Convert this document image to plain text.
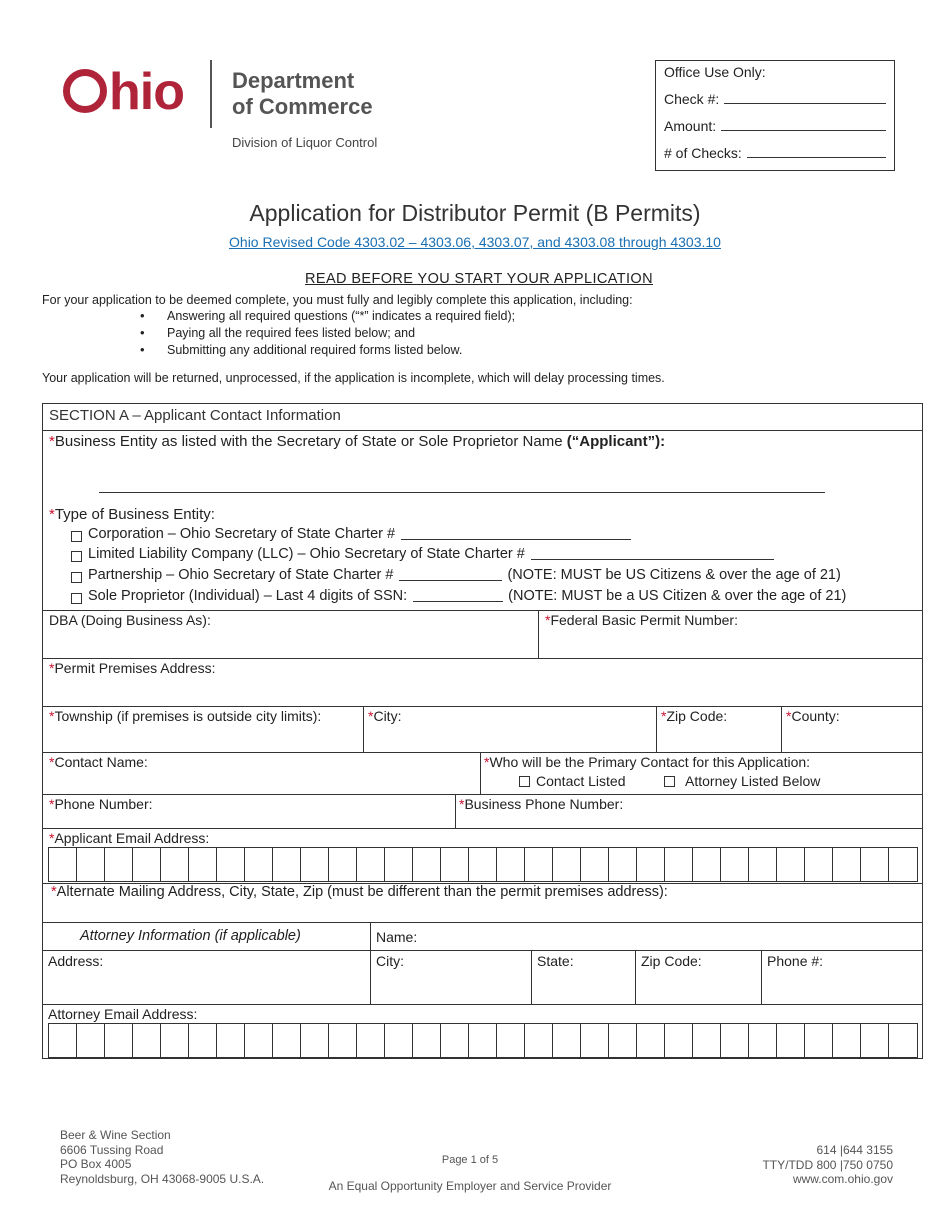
hio Department
of Commerce
Division of Liquor Control
Office Use Only:
Check #:
Amount:
# of Checks:
Application for Distributor Permit (B Permits)
Ohio Revised Code 4303.02 – 4303.06, 4303.07, and 4303.08 through 4303.10
READ BEFORE YOU START YOUR APPLICATION
For your application to be deemed complete, you must fully and legibly complete this application, including:
• Answering all required questions (“*” indicates a required field);
• Paying all the required fees listed below; and
• Submitting any additional required forms listed below.
Your application will be returned, unprocessed, if the application is incomplete, which will delay processing times.
SECTION A – Applicant Contact Information
*Business Entity as listed with the Secretary of State or Sole Proprietor Name (“Applicant”):
*Type of Business Entity:
Corporation – Ohio Secretary of State Charter #
Limited Liability Company (LLC) – Ohio Secretary of State Charter #
Partnership – Ohio Secretary of State Charter #	(NOTE: MUST be US Citizens & over the age of 21)
Sole Proprietor (Individual) – Last 4 digits of SSN:	(NOTE: MUST be a US Citizen & over the age of 21)
DBA (Doing Business As):	*Federal Basic Permit Number:
*Permit Premises Address:
*Township (if premises is outside city limits):	*City:	*Zip Code:	*County:
*Contact Name:	*Who will be the Primary Contact for this Application:
Contact Listed	Attorney Listed Below
*Phone Number:	*Business Phone Number:
*Applicant Email Address:
*Alternate Mailing Address, City, State, Zip (must be different than the permit premises address):
Attorney Information (if applicable)	Name:
Address:	City:	State:	Zip Code:	Phone #:
Attorney Email Address:
Beer & Wine Section
6606 Tussing Road
PO Box 4005
Reynoldsburg, OH 43068-9005 U.S.A.
Page 1 of 5
An Equal Opportunity Employer and Service Provider
614 |644 3155
TTY/TDD 800 |750 0750
www.com.ohio.gov
